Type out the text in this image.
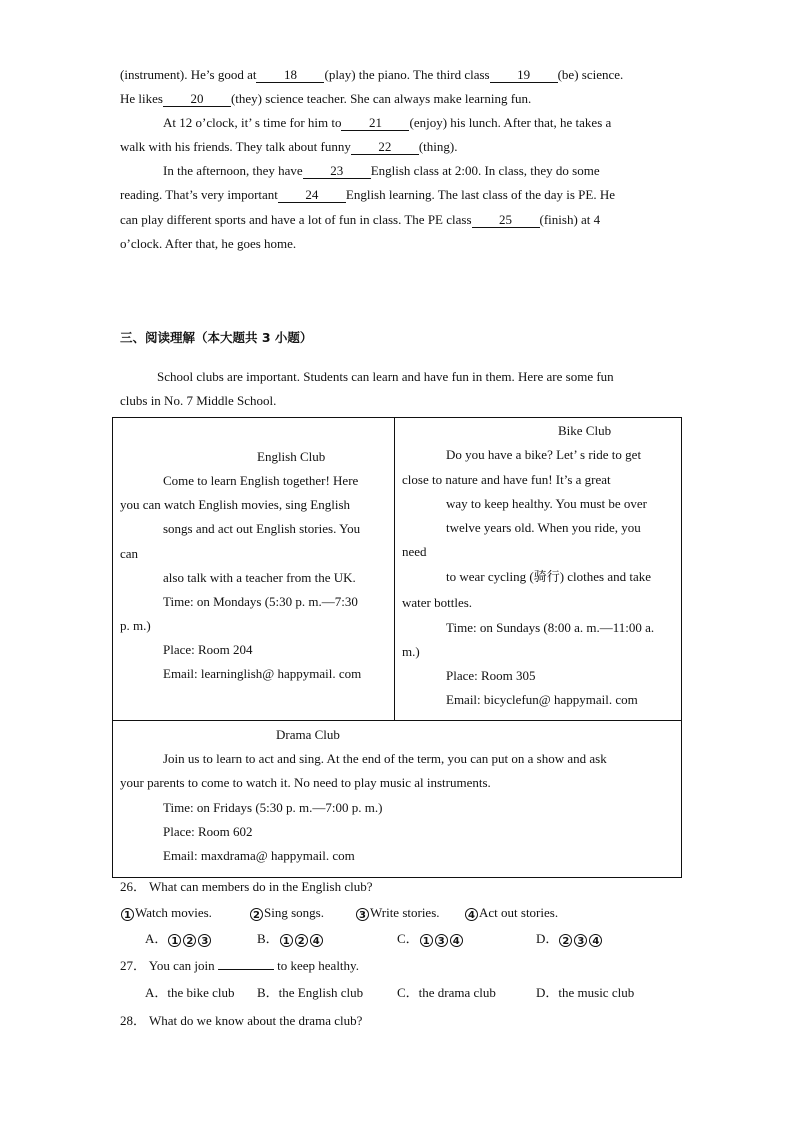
(instrument). He’s good at 18 (play) the piano. The third class 19 (be) science.
He likes 20 (they) science teacher. She can always make learning fun.
At 12 o’clock, it’ s time for him to 21 (enjoy) his lunch. After that, he takes a
walk with his friends. They talk about funny 22 (thing).
In the afternoon, they have 23 English class at 2:00. In class, they do some
reading. That’s very important 24 English learning. The last class of the day is PE. He
can play different sports and have a lot of fun in class. The PE class 25 (finish) at 4
o’clock. After that, he goes home.
三、阅读理解（本大题共 3 小题）
School clubs are important. Students can learn and have fun in them. Here are some fun
clubs in No. 7 Middle School.
English Club
Come to learn English together! Here
you can watch English movies, sing English
songs and act out English stories. You
can
also talk with a teacher from the UK.
Time: on Mondays (5:30 p. m.—7:30
p. m.)
Place: Room 204
Email: learninglish@ happymail. com
Bike Club
Do you have a bike? Let’ s ride to get
close to nature and have fun! It’s a great
way to keep healthy. You must be over
twelve years old. When you ride, you
need
to wear cycling (骑行) clothes and take
water bottles.
Time: on Sundays (8:00 a. m.—11:00 a.
m.)
Place: Room 305
Email: bicyclefun@ happymail. com
Drama Club
Join us to learn to act and sing. At the end of the term, you can put on a show and ask
your parents to come to watch it. No need to play music al instruments.
Time: on Fridays (5:30 p. m.—7:00 p. m.)
Place: Room 602
Email: maxdrama@ happymail. com
26． What can members do in the English club?
1 Watch movies.	2 Sing songs.	3 Write stories.	4 Act out stories.
A． 1 2 3	B． 1 2 4	C． 1 3 4	D． 2 3 4
27． You can join	to keep healthy.
A．the bike club B．the English club	C．the drama club	D．the music club
28． What do we know about the drama club?
